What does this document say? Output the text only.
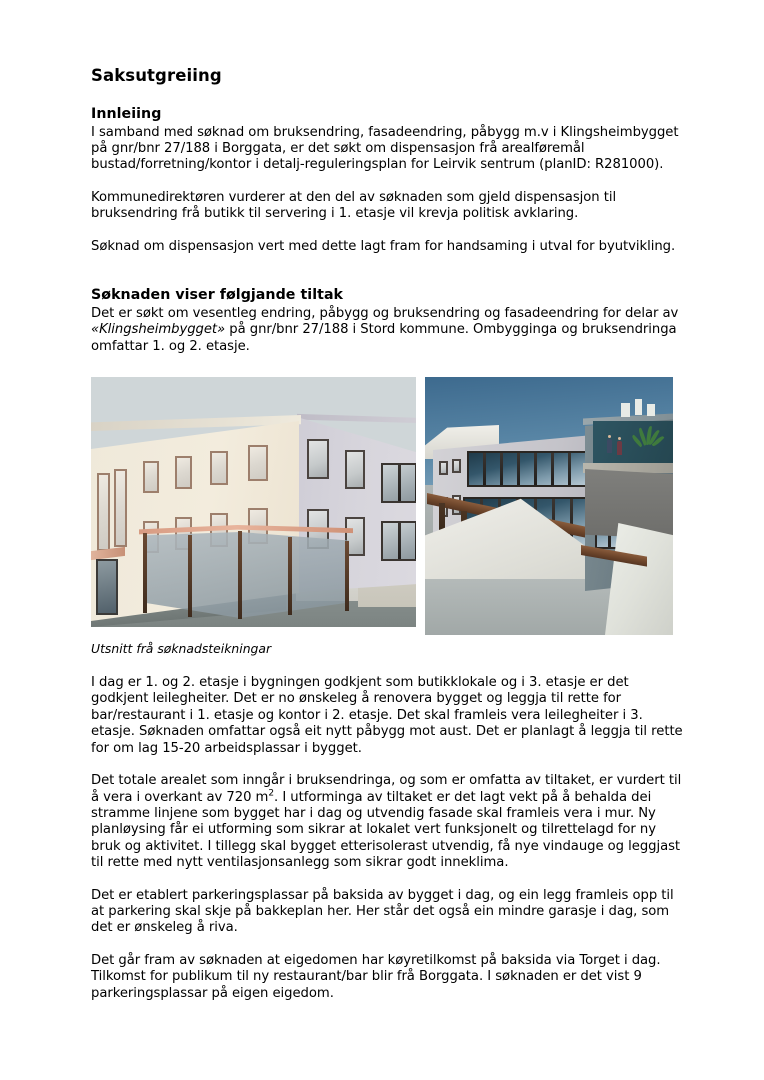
Saksutgreiing
Innleiing

I samband med søknad om bruksendring, fasadeendring, påbygg m.v i Klingsheimbygget på gnr/bnr 27/188 i Borggata, er det søkt om dispensasjon frå arealføremål bustad/forretning/kontor i detalj-reguleringsplan for Leirvik sentrum (planID: R281000).

Kommunedirektøren vurderer at den del av søknaden som gjeld dispensasjon til bruksendring frå butikk til servering i 1. etasje vil krevja politisk avklaring.

Søknad om dispensasjon vert med dette lagt fram for handsaming i utval for byutvikling.

Søknaden viser følgjande tiltak

Det er søkt om vesentleg endring, påbygg og bruksendring og fasadeendring for delar av «Klingsheimbygget» på gnr/bnr 27/188 i Stord kommune. Ombygginga og bruksendringa omfattar 1. og 2. etasje.

Utsnitt frå søknadsteikningar

I dag er 1. og 2. etasje i bygningen godkjent som butikklokale og i 3. etasje er det godkjent leilegheiter. Det er no ønskeleg å renovera bygget og leggja til rette for bar/restaurant i 1. etasje og kontor i 2. etasje. Det skal framleis vera leilegheiter i 3. etasje. Søknaden omfattar også eit nytt påbygg mot aust. Det er planlagt å leggja til rette for om lag 15-20 arbeidsplassar i bygget.

Det totale arealet som inngår i bruksendringa, og som er omfatta av tiltaket, er vurdert til å vera i overkant av 720 $m^2$. I utforminga av tiltaket er det lagt vekt på å behalda dei stramme linjene som bygget har i dag og utvendig fasade skal framleis vera i mur. Ny planløysing får ei utforming som sikrar at lokalet vert funksjonelt og tilrettelagd for ny bruk og aktivitet. I tillegg skal bygget etterisolerast utvendig, få nye vindauge og leggjast til rette med nytt ventilasjonsanlegg som sikrar godt inneklima.

Det er etablert parkeringsplassar på baksida av bygget i dag, og ein legg framleis opp til at parkering skal skje på bakkeplan her. Her står det også ein mindre garasje i dag, som det er ønskeleg å riva.

Det går fram av søknaden at eigedomen har køyretilkomst på baksida via Torget i dag. Tilkomst for publikum til ny restaurant/bar blir frå Borggata. I søknaden er det vist 9 parkeringsplassar på eigen eigedom.
